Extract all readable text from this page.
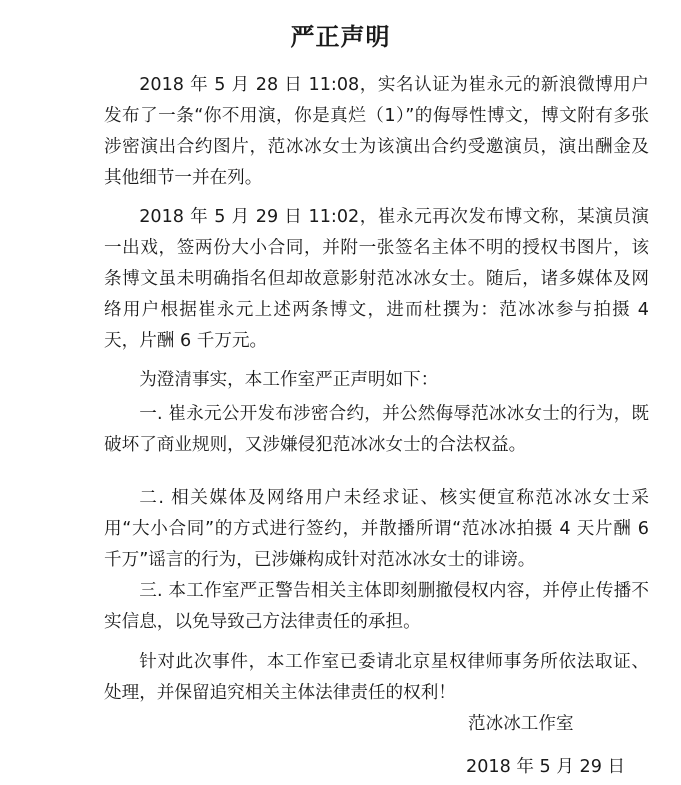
严正声明

2018 年 5 月 28 日 11:08，实名认证为崔永元的新浪微博用户发布了一条“你不用演，你是真烂（1）”的侮辱性博文，博文附有多张涉密演出合约图片，范冰冰女士为该演出合约受邀演员，演出酬金及其他细节一并在列。

2018 年 5 月 29 日 11:02，崔永元再次发布博文称，某演员演一出戏，签两份大小合同，并附一张签名主体不明的授权书图片，该条博文虽未明确指名但却故意影射范冰冰女士。随后，诸多媒体及网络用户根据崔永元上述两条博文，进而杜撰为：范冰冰参与拍摄 4 天，片酬 6 千万元。

为澄清事实，本工作室严正声明如下：

一. 崔永元公开发布涉密合约，并公然侮辱范冰冰女士的行为，既破坏了商业规则，又涉嫌侵犯范冰冰女士的合法权益。

二. 相关媒体及网络用户未经求证、核实便宣称范冰冰女士采用“大小合同”的方式进行签约，并散播所谓“范冰冰拍摄 4 天片酬 6 千万”谣言的行为，已涉嫌构成针对范冰冰女士的诽谤。

三. 本工作室严正警告相关主体即刻删撤侵权内容，并停止传播不实信息，以免导致己方法律责任的承担。

针对此次事件，本工作室已委请北京星权律师事务所依法取证、处理，并保留追究相关主体法律责任的权利！

范冰冰工作室
2018 年 5 月 29 日
